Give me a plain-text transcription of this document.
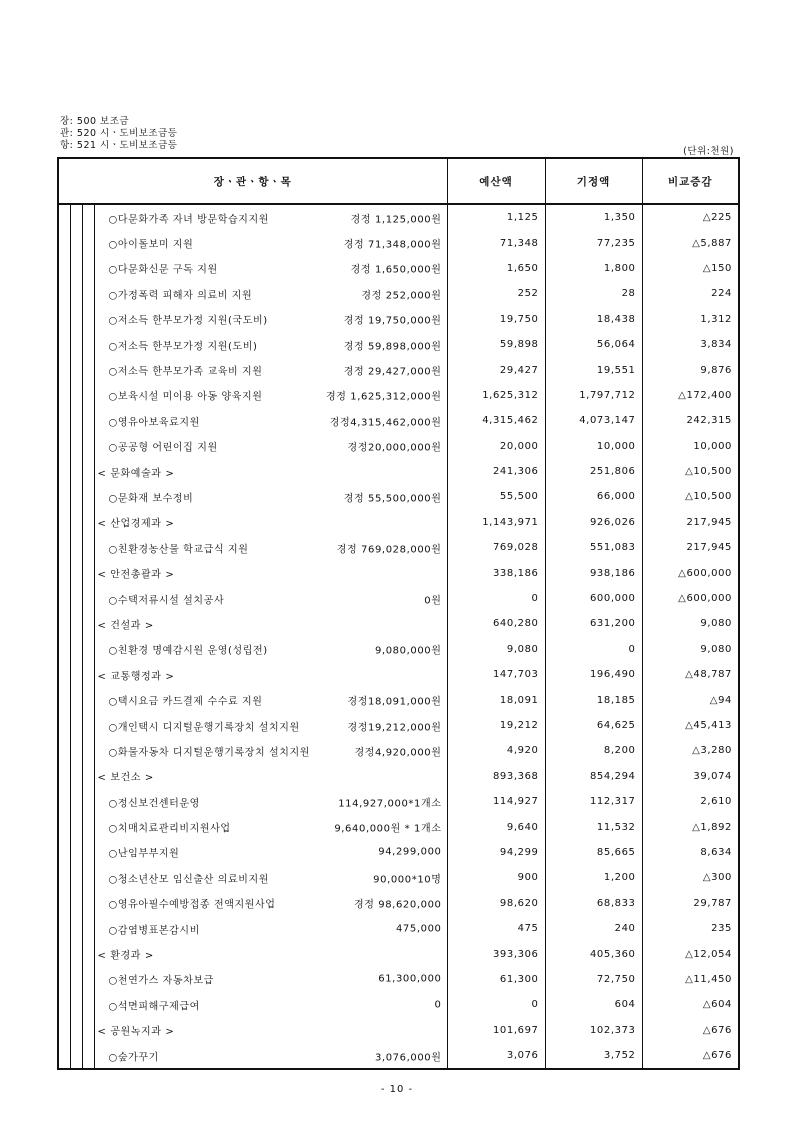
장: 500 보조금
관: 520 시ㆍ도비보조금등
항: 521 시ㆍ도비보조금등
(단위:천원)
장ㆍ관ㆍ항ㆍ목				예산액	기정액	비교증감

			○다문화가족 자녀 방문학습지지원 경정 1,125,000원	1,125	1,350	△225

			○아이돌보미 지원 경정 71,348,000원	71,348	77,235	△5,887

			○다문화신문 구독 지원 경정 1,650,000원	1,650	1,800	△150

			○가정폭력 피해자 의료비 지원 경정 252,000원	252	28	224

			○저소득 한부모가정 지원(국도비) 경정 19,750,000원	19,750	18,438	1,312

			○저소득 한부모가정 지원(도비) 경정 59,898,000원	59,898	56,064	3,834

			○저소득 한부모가족 교육비 지원 경정 29,427,000원	29,427	19,551	9,876

			○보육시설 미이용 아동 양육지원 경정 1,625,312,000원	1,625,312	1,797,712	△172,400

			○영유아보육료지원 경정4,315,462,000원	4,315,462	4,073,147	242,315

			○공공형 어린이집 지원 경정20,000,000원	20,000	10,000	10,000

			< 문화예술과 >	241,306	251,806	△10,500

			○문화재 보수정비 경정 55,500,000원	55,500	66,000	△10,500

			< 산업경제과 >	1,143,971	926,026	217,945

			○친환경농산물 학교급식 지원 경정 769,028,000원	769,028	551,083	217,945

			< 안전총괄과 >	338,186	938,186	△600,000

			○수택저류시설 설치공사 0원	0	600,000	△600,000

			< 건설과 >	640,280	631,200	9,080

			○친환경 명예감시원 운영(성립전) 9,080,000원	9,080	0	9,080

			< 교통행정과 >	147,703	196,490	△48,787

			○택시요금 카드결제 수수료 지원 경정18,091,000원	18,091	18,185	△94

			○개인택시 디지털운행기록장치 설치지원 경정19,212,000원	19,212	64,625	△45,413

			○화물자동차 디지털운행기록장치 설치지원 경정4,920,000원	4,920	8,200	△3,280

			< 보건소 >	893,368	854,294	39,074

			○정신보건센터운영 114,927,000*1개소	114,927	112,317	2,610

			○치매치료관리비지원사업 9,640,000원 * 1개소	9,640	11,532	△1,892

			○난임부부지원 94,299,000	94,299	85,665	8,634

			○청소년산모 임신출산 의료비지원 90,000*10명	900	1,200	△300

			○영유아필수예방접종 전액지원사업 경정 98,620,000	98,620	68,833	29,787

			○감염병표본감시비 475,000	475	240	235

			< 환경과 >	393,306	405,360	△12,054

			○천연가스 자동차보급 61,300,000	61,300	72,750	△11,450

			○석면피해구제급여 0	0	604	△604

			< 공원녹지과 >	101,697	102,373	△676

			○숲가꾸기 3,076,000원	3,076	3,752	△676
- 10 -
